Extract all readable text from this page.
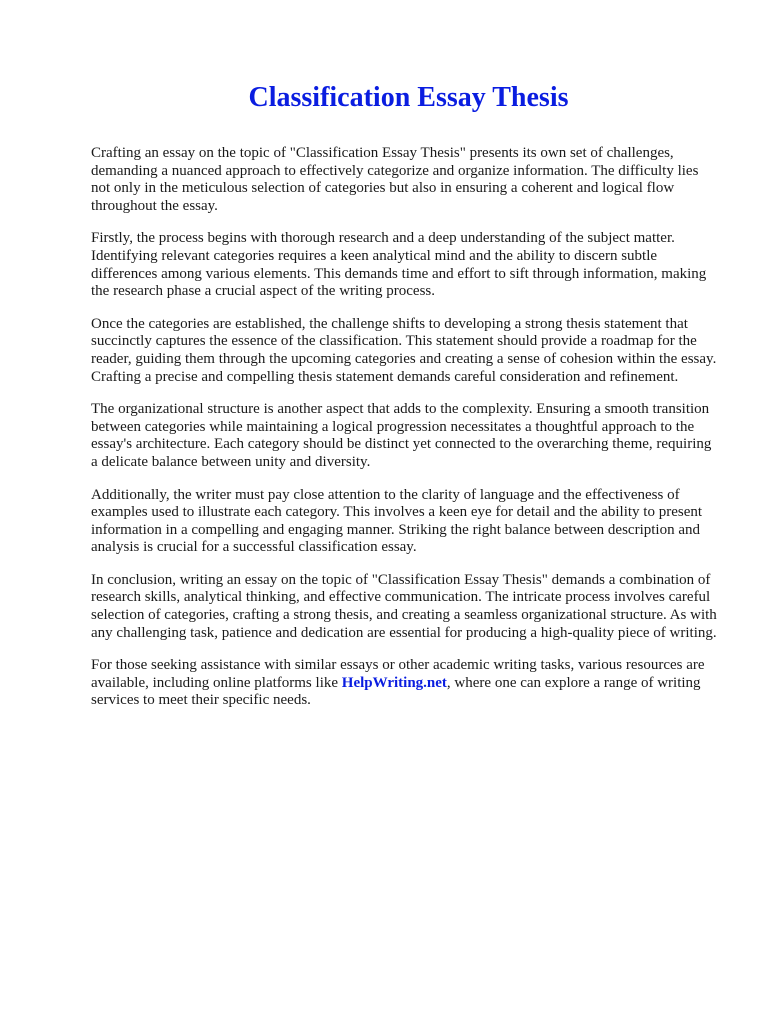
Classification Essay Thesis

Crafting an essay on the topic of "Classification Essay Thesis" presents its own set of challenges, demanding a nuanced approach to effectively categorize and organize information. The difficulty lies not only in the meticulous selection of categories but also in ensuring a coherent and logical flow throughout the essay.

Firstly, the process begins with thorough research and a deep understanding of the subject matter. Identifying relevant categories requires a keen analytical mind and the ability to discern subtle differences among various elements. This demands time and effort to sift through information, making the research phase a crucial aspect of the writing process.

Once the categories are established, the challenge shifts to developing a strong thesis statement that succinctly captures the essence of the classification. This statement should provide a roadmap for the reader, guiding them through the upcoming categories and creating a sense of cohesion within the essay. Crafting a precise and compelling thesis statement demands careful consideration and refinement.

The organizational structure is another aspect that adds to the complexity. Ensuring a smooth transition between categories while maintaining a logical progression necessitates a thoughtful approach to the essay's architecture. Each category should be distinct yet connected to the overarching theme, requiring a delicate balance between unity and diversity.

Additionally, the writer must pay close attention to the clarity of language and the effectiveness of examples used to illustrate each category. This involves a keen eye for detail and the ability to present information in a compelling and engaging manner. Striking the right balance between description and analysis is crucial for a successful classification essay.

In conclusion, writing an essay on the topic of "Classification Essay Thesis" demands a combination of research skills, analytical thinking, and effective communication. The intricate process involves careful selection of categories, crafting a strong thesis, and creating a seamless organizational structure. As with any challenging task, patience and dedication are essential for producing a high-quality piece of writing.

For those seeking assistance with similar essays or other academic writing tasks, various resources are available, including online platforms like HelpWriting.net, where one can explore a range of writing services to meet their specific needs.
